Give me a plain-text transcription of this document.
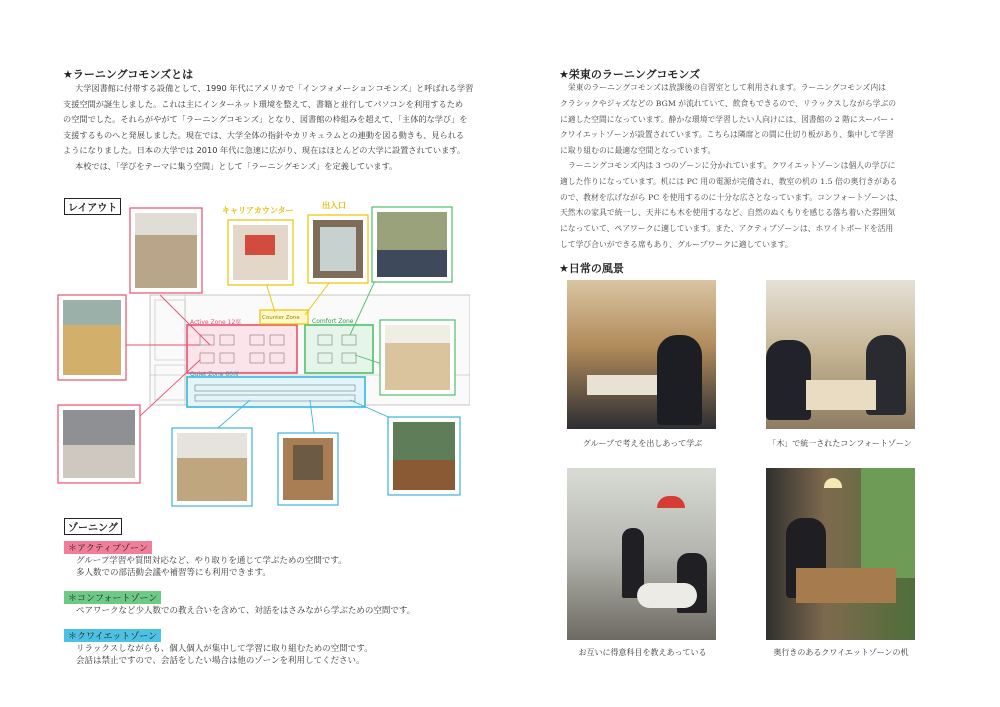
★ラーニングコモンズとは
大学図書館に付帯する設備として、1990 年代にアメリカで「インフォメーションコモンズ」と呼ばれる学習
支援空間が誕生しました。これは主にインターネット環境を整えて、書籍と並行してパソコンを利用するため
の空間でした。それらがやがて「ラーニングコモンズ」となり、図書館の枠組みを超えて、「主体的な学び」を
支援するものへと発展しました。現在では、大学全体の指針やカリキュラムとの連動を図る動きも、見られる
ようになりました。日本の大学では 2010 年代に急速に広がり、現在はほとんどの大学に設置されています。
本校では、「学びをテーマに集う空間」として「ラーニングモンズ」を定義しています。
レイアウト
Active Zone 12席	Comfort Zone
Quiet Zone 60席
Counter Zone
キャリアカウンター
出入口
ゾーニング
＊アクティブゾーン
グループ学習や質問対応など、やり取りを通じて学ぶための空間です。
多人数での部活動会議や補習等にも利用できます。
＊コンフォートゾーン
ペアワークなど少人数での教え合いを含めて、対話をはさみながら学ぶための空間です。
＊クワイエットゾーン
リラックスしながらも、個人個人が集中して学習に取り組むための空間です。
会話は禁止ですので、会話をしたい場合は他のゾーンを利用してください。
★栄東のラーニングコモンズ
栄東のラーニングコモンズは放課後の自習室として利用されます。ラーニングコモンズ内は
クラシックやジャズなどの BGM が流れていて、飲食もできるので、リラックスしながら学ぶの
に適した空間になっています。静かな環境で学習したい人向けには、図書館の 2 階にスーパー・
クワイエットゾーンが設置されています。こちらは隣席との間に仕切り板があり、集中して学習
に取り組むのに最適な空間となっています。
ラーニングコモンズ内は 3 つのゾーンに分かれています。クワイエットゾーンは個人の学びに
適した作りになっています。机には PC 用の電源が完備され、教室の机の 1.5 倍の奥行きがある
ので、教材を広げながら PC を使用するのに十分な広さとなっています。コンフォートゾーンは、
天然木の家具で統一し、天井にも木を使用するなど、自然のぬくもりを感じる落ち着いた雰囲気
になっていて、ペアワークに適しています。また、アクティブゾーンは、ホワイトボードを活用
して学び合いができる席もあり、グループワークに適しています。
★日常の風景
グループで考えを出しあって学ぶ	「木」で統一されたコンフォートゾーン
お互いに得意科目を教えあっている	奥行きのあるクワイエットゾーンの机
